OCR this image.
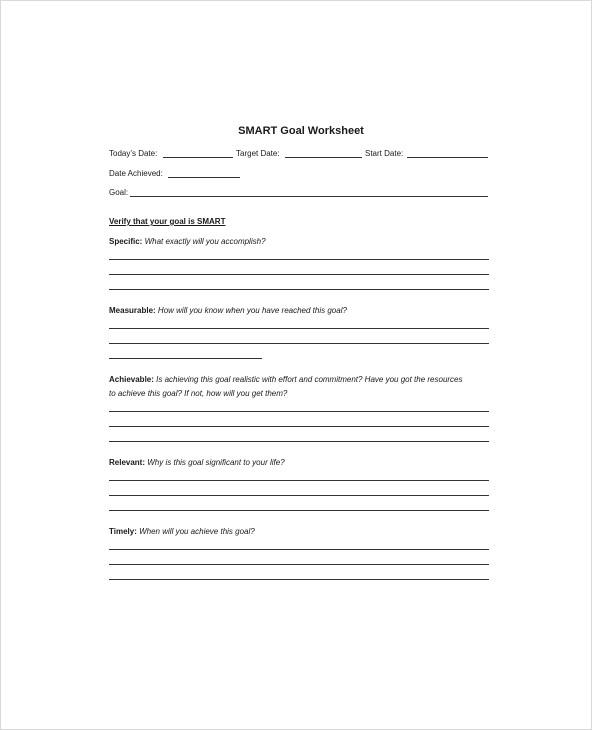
SMART Goal Worksheet
Today’s Date:	Target Date:	Start Date:
Date Achieved:
Goal:
Verify that your goal is SMART
Specific: What exactly will you accomplish?
Measurable: How will you know when you have reached this goal?
Achievable: Is achieving this goal realistic with effort and commitment? Have you got the resources
to achieve this goal? If not, how will you get them?
Relevant: Why is this goal significant to your life?
Timely: When will you achieve this goal?
